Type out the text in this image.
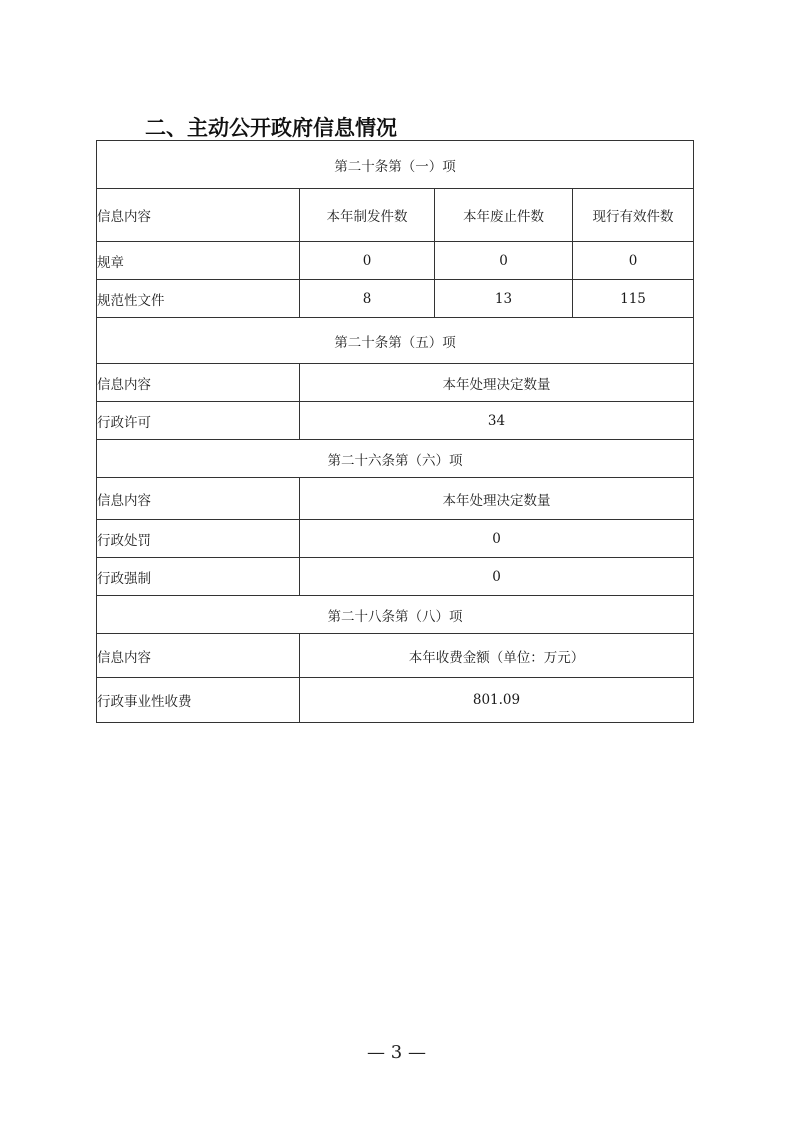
二、主动公开政府信息情况
第二十条第（一）项			
信息内容	本年制发件数	本年废止件数	现行有效件数
规章	0	0	0
规范性文件	8	13	115
第二十条第（五）项			
信息内容	本年处理决定数量		
行政许可	34		
第二十六条第（六）项			
信息内容	本年处理决定数量		
行政处罚	0		
行政强制	0		
第二十八条第（八）项			
信息内容	本年收费金额（单位：万元）		
行政事业性收费	801.09		
— 3 —
